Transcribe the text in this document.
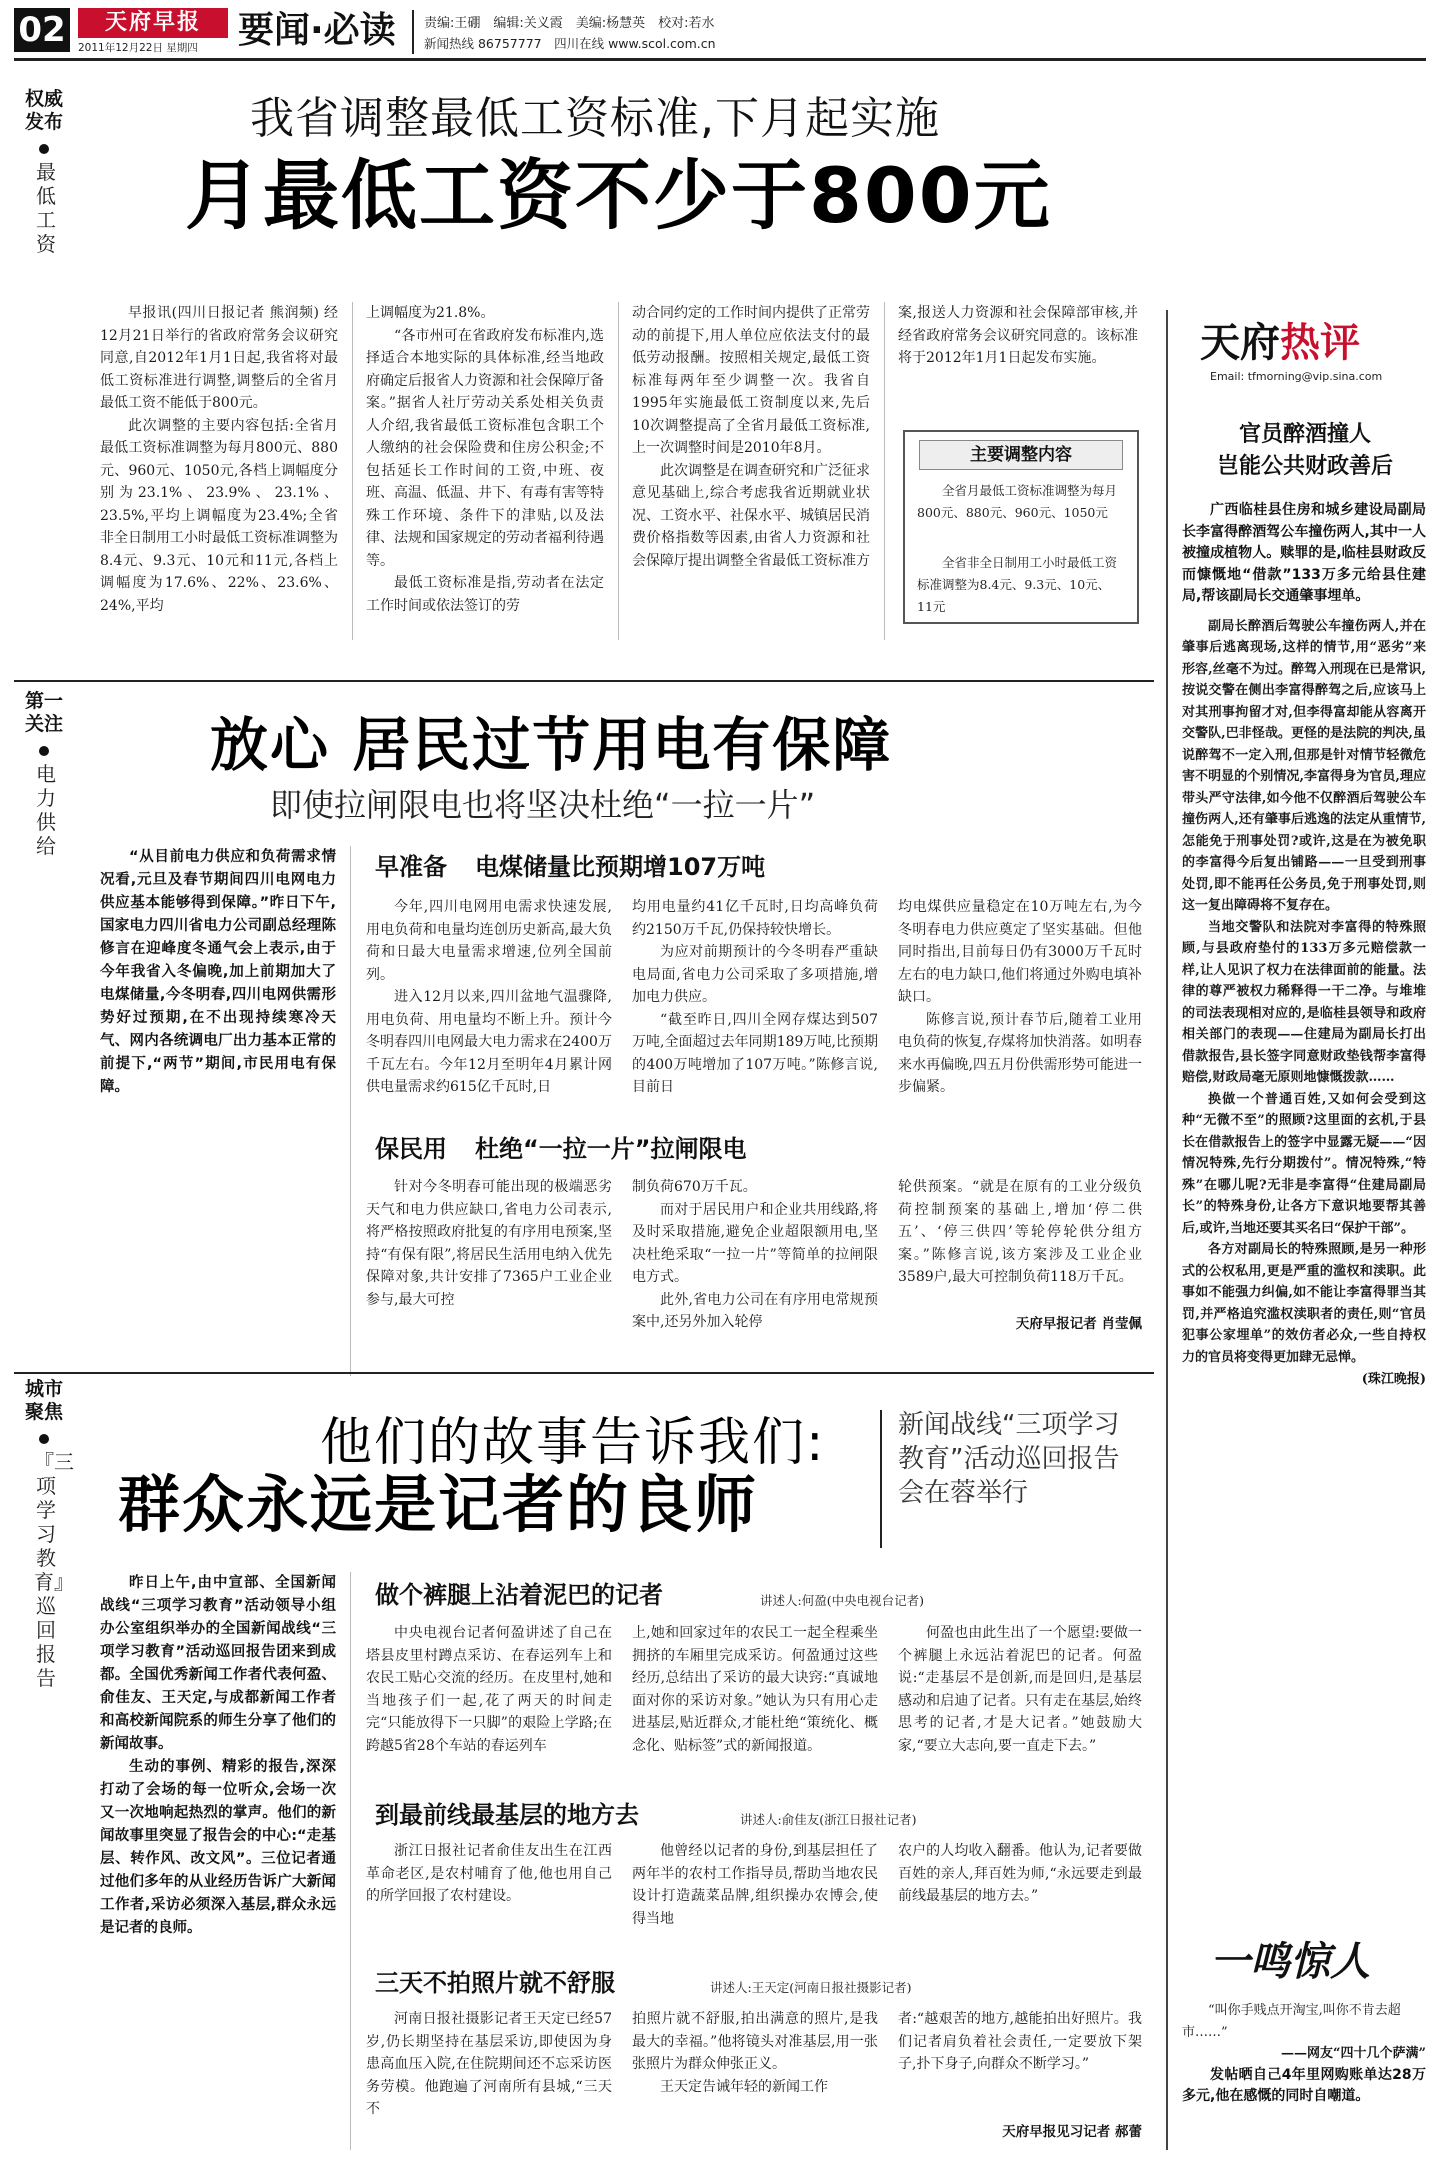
02	天府早报
2011年12月22日 星期四	要闻·必读 责编:王硼　编辑:关义霞　美编:杨慧英　校对:若水
新闻热线 86757777　四川在线 www.scol.com.cn
权威发布
最低工资
我省调整最低工资标准,下月起实施
月最低工资不少于800元

早报讯(四川日报记者 熊润频) 经12月21日举行的省政府常务会议研究同意,自2012年1月1日起,我省将对最低工资标准进行调整,调整后的全省月最低工资不能低于800元。

此次调整的主要内容包括:全省月最低工资标准调整为每月800元、880元、960元、1050元,各档上调幅度分别为23.1%、23.9%、23.1%、23.5%,平均上调幅度为23.4%;全省非全日制用工小时最低工资标准调整为8.4元、9.3元、10元和11元,各档上调幅度为17.6%、22%、23.6%、24%,平均

上调幅度为21.8%。

“各市州可在省政府发布标准内,选择适合本地实际的具体标准,经当地政府确定后报省人力资源和社会保障厅备案。”据省人社厅劳动关系处相关负责人介绍,我省最低工资标准包含职工个人缴纳的社会保险费和住房公积金;不包括延长工作时间的工资,中班、夜班、高温、低温、井下、有毒有害等特殊工作环境、条件下的津贴,以及法律、法规和国家规定的劳动者福利待遇等。

最低工资标准是指,劳动者在法定工作时间或依法签订的劳

动合同约定的工作时间内提供了正常劳动的前提下,用人单位应依法支付的最低劳动报酬。按照相关规定,最低工资标准每两年至少调整一次。我省自1995年实施最低工资制度以来,先后10次调整提高了全省月最低工资标准,上一次调整时间是2010年8月。

此次调整是在调查研究和广泛征求意见基础上,综合考虑我省近期就业状况、工资水平、社保水平、城镇居民消费价格指数等因素,由省人力资源和社会保障厅提出调整全省最低工资标准方

案,报送人力资源和社会保障部审核,并经省政府常务会议研究同意的。该标准将于2012年1月1日起发布实施。

主要调整内容

全省月最低工资标准调整为每月800元、880元、960元、1050元

全省非全日制用工小时最低工资标准调整为8.4元、9.3元、10元、11元

第一关注
电力供给
放心 居民过节用电有保障
即使拉闸限电也将坚决杜绝“一拉一片”

“从目前电力供应和负荷需求情况看,元旦及春节期间四川电网电力供应基本能够得到保障。”昨日下午,国家电力四川省电力公司副总经理陈修言在迎峰度冬通气会上表示,由于今年我省入冬偏晚,加上前期加大了电煤储量,今冬明春,四川电网供需形势好过预期,在不出现持续寒冷天气、网内各统调电厂出力基本正常的前提下,“两节”期间,市民用电有保障。

早准备 电煤储量比预期增107万吨

今年,四川电网用电需求快速发展,用电负荷和电量均连创历史新高,最大负荷和日最大电量需求增速,位列全国前列。

进入12月以来,四川盆地气温骤降,用电负荷、用电量均不断上升。预计今冬明春四川电网最大电力需求在2400万千瓦左右。今年12月至明年4月累计网供电量需求约615亿千瓦时,日

均用电量约41亿千瓦时,日均高峰负荷约2150万千瓦,仍保持较快增长。

为应对前期预计的今冬明春严重缺电局面,省电力公司采取了多项措施,增加电力供应。

“截至昨日,四川全网存煤达到507万吨,全面超过去年同期189万吨,比预期的400万吨增加了107万吨。”陈修言说,目前日

均电煤供应量稳定在10万吨左右,为今冬明春电力供应奠定了坚实基础。但他同时指出,目前每日仍有3000万千瓦时左右的电力缺口,他们将通过外购电填补缺口。

陈修言说,预计春节后,随着工业用电负荷的恢复,存煤将加快消落。如明春来水再偏晚,四五月份供需形势可能进一步偏紧。

保民用 杜绝“一拉一片”拉闸限电

针对今冬明春可能出现的极端恶劣天气和电力供应缺口,省电力公司表示,将严格按照政府批复的有序用电预案,坚持“有保有限”,将居民生活用电纳入优先保障对象,共计安排了7365户工业企业参与,最大可控

制负荷670万千瓦。

而对于居民用户和企业共用线路,将及时采取措施,避免企业超限额用电,坚决杜绝采取“一拉一片”等简单的拉闸限电方式。

此外,省电力公司在有序用电常规预案中,还另外加入轮停

轮供预案。“就是在原有的工业分级负荷控制预案的基础上,增加‘停二供五’、‘停三供四’等轮停轮供分组方案。”陈修言说,该方案涉及工业企业3589户,最大可控制负荷118万千瓦。

天府早报记者 肖莹佩
城市聚焦
『三项学习教育』巡回报告
他们的故事告诉我们:
群众永远是记者的良师
新闻战线“三项学习教育”活动巡回报告会在蓉举行

昨日上午,由中宣部、全国新闻战线“三项学习教育”活动领导小组办公室组织举办的全国新闻战线“三项学习教育”活动巡回报告团来到成都。全国优秀新闻工作者代表何盈、俞佳友、王天定,与成都新闻工作者和高校新闻院系的师生分享了他们的新闻故事。

生动的事例、精彩的报告,深深打动了会场的每一位听众,会场一次又一次地响起热烈的掌声。他们的新闻故事里突显了报告会的中心:“走基层、转作风、改文风”。三位记者通过他们多年的从业经历告诉广大新闻工作者,采访必须深入基层,群众永远是记者的良师。

做个裤腿上沾着泥巴的记者	讲述人:何盈(中央电视台记者)

中央电视台记者何盈讲述了自己在塔县皮里村蹲点采访、在春运列车上和农民工贴心交流的经历。在皮里村,她和当地孩子们一起,花了两天的时间走完“只能放得下一只脚”的艰险上学路;在跨越5省28个车站的春运列车

上,她和回家过年的农民工一起全程乘坐拥挤的车厢里完成采访。何盈通过这些经历,总结出了采访的最大诀窍:“真诚地面对你的采访对象。”她认为只有用心走进基层,贴近群众,才能杜绝“策统化、概念化、贴标签”式的新闻报道。

何盈也由此生出了一个愿望:要做一个裤腿上永远沾着泥巴的记者。何盈说:“走基层不是创新,而是回归,是基层感动和启迪了记者。只有走在基层,始终思考的记者,才是大记者。”她鼓励大家,“要立大志向,要一直走下去。”

到最前线最基层的地方去	讲述人:俞佳友(浙江日报社记者)

浙江日报社记者俞佳友出生在江西革命老区,是农村哺育了他,他也用自己的所学回报了农村建设。

他曾经以记者的身份,到基层担任了两年半的农村工作指导员,帮助当地农民设计打造蔬菜品牌,组织操办农博会,使得当地

农户的人均收入翻番。他认为,记者要做百姓的亲人,拜百姓为师,“永远要走到最前线最基层的地方去。”

三天不拍照片就不舒服	讲述人:王天定(河南日报社摄影记者)

河南日报社摄影记者王天定已经57岁,仍长期坚持在基层采访,即使因为身患高血压入院,在住院期间还不忘采访医务劳模。他跑遍了河南所有县城,“三天不

拍照片就不舒服,拍出满意的照片,是我最大的幸福。”他将镜头对准基层,用一张张照片为群众伸张正义。

王天定告诫年轻的新闻工作

者:“越艰苦的地方,越能拍出好照片。我们记者肩负着社会责任,一定要放下架子,扑下身子,向群众不断学习。”

天府早报见习记者 郝蕾
天府热评
Email: tfmorning@vip.sina.com
官员醉酒撞人
岂能公共财政善后

广西临桂县住房和城乡建设局副局长李富得醉酒驾公车撞伤两人,其中一人被撞成植物人。赎罪的是,临桂县财政反而慷慨地“借款”133万多元给县住建局,帮该副局长交通肇事埋单。

副局长醉酒后驾驶公车撞伤两人,并在肇事后逃离现场,这样的情节,用“恶劣”来形容,丝毫不为过。醉驾入刑现在已是常识,按说交警在侧出李富得醉驾之后,应该马上对其刑事拘留才对,但李得富却能从容离开交警队,巴非怪哉。更怪的是法院的判决,虽说醉驾不一定入刑,但那是针对情节轻微危害不明显的个别情况,李富得身为官员,理应带头严守法律,如今他不仅醉酒后驾驶公车撞伤两人,还有肇事后逃逸的法定从重情节,怎能免于刑事处罚?或许,这是在为被免职的李富得今后复出铺路——一旦受到刑事处罚,即不能再任公务员,免于刑事处罚,则这一复出障碍将不复存在。

当地交警队和法院对李富得的特殊照顾,与县政府垫付的133万多元赔偿款一样,让人见识了权力在法律面前的能量。法律的尊严被权力稀释得一干二净。与堆堆的司法表现相对应的,是临桂县领导和政府相关部门的表现——住建局为副局长打出借款报告,县长签字同意财政垫钱帮李富得赔偿,财政局毫无原则地慷慨拨款……

换做一个普通百姓,又如何会受到这种“无微不至”的照顾?这里面的玄机,于县长在借款报告上的签字中显露无疑——“因情况特殊,先行分期拨付”。情况特殊,“特殊”在哪儿呢?无非是李富得“住建局副局长”的特殊身份,让各方下意识地要帮其善后,或许,当地还要其买名曰“保护干部”。

各方对副局长的特殊照顾,是另一种形式的公权私用,更是严重的滥权和渎职。此事如不能强力纠偏,如不能让李富得罪当其罚,并严格追究滥权渎职者的责任,则“官员犯事公家埋单”的效仿者必众,一些自持权力的官员将变得更加肆无忌惮。

(珠江晚报)
一鸣惊人

“叫你手贱点开淘宝,叫你不肯去超市……”

——网友“四十几个萨满”

发帖晒自己4年里网购账单达28万多元,他在感慨的同时自嘲道。
